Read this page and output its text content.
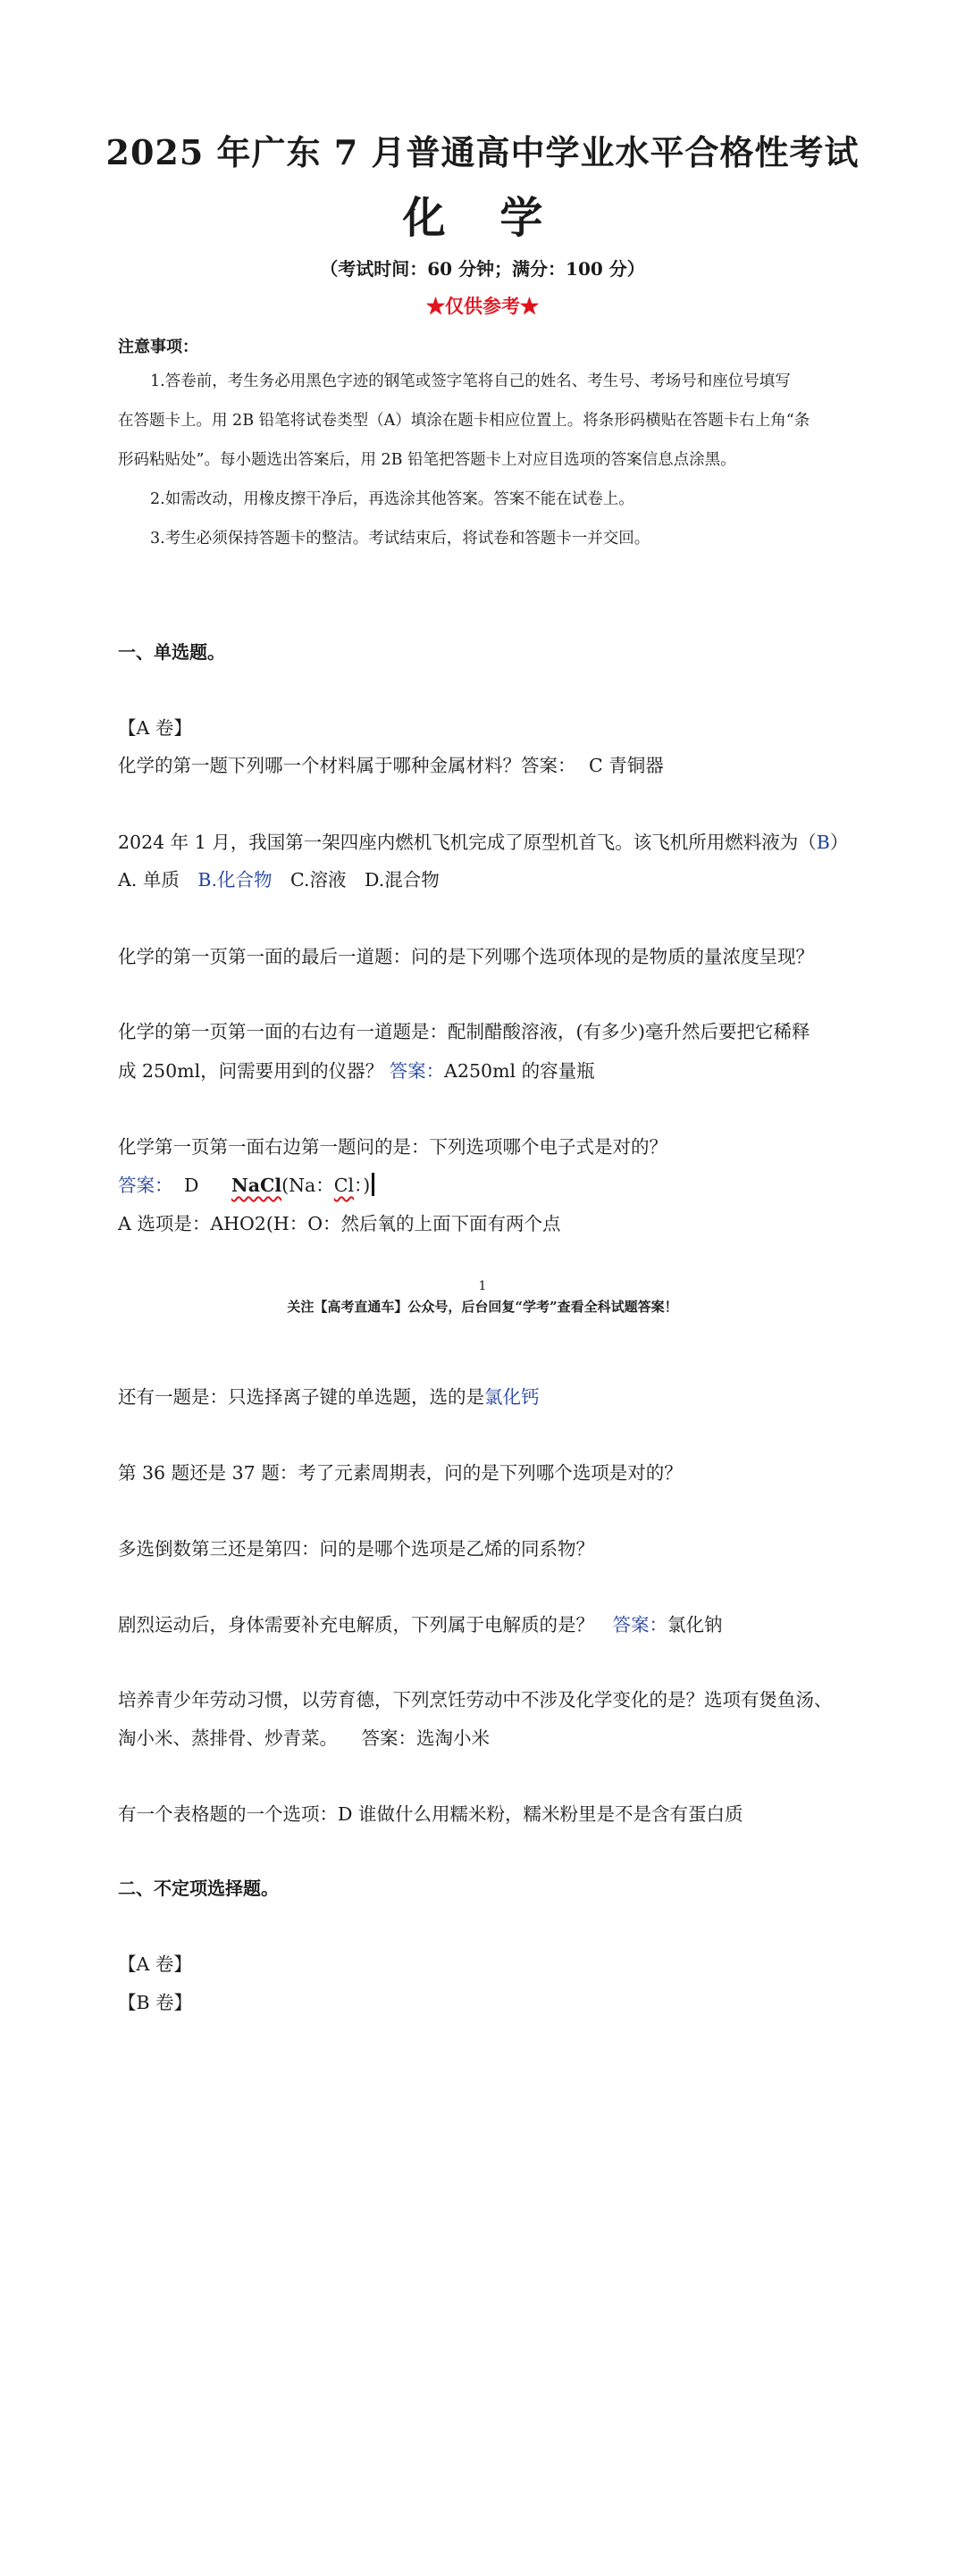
2025 年广东 7 月普通高中学业水平合格性考试
化 学
（考试时间：60 分钟；满分：100 分）
★仅供参考★
注意事项：
1.答卷前，考生务必用黑色字迹的钢笔或签字笔将自己的姓名、考生号、考场号和座位号填写
在答题卡上。用 2B 铅笔将试卷类型（A）填涂在题卡相应位置上。将条形码横贴在答题卡右上角“条
形码粘贴处”。每小题选出答案后，用 2B 铅笔把答题卡上对应目选项的答案信息点涂黑。
2.如需改动，用橡皮擦干净后，再选涂其他答案。答案不能在试卷上。
3.考生必须保持答题卡的整洁。考试结束后，将试卷和答题卡一并交回。
一、单选题。
【A 卷】
化学的第一题下列哪一个材料属于哪种金属材料？答案： C 青铜器
2024 年 1 月，我国第一架四座内燃机飞机完成了原型机首飞。该飞机所用燃料液为（B）
A. 单质 B.化合物 C.溶液 D.混合物
化学的第一页第一面的最后一道题：问的是下列哪个选项体现的是物质的量浓度呈现？
化学的第一页第一面的右边有一道题是：配制醋酸溶液，(有多少)毫升然后要把它稀释
成 250ml，问需要用到的仪器？ 答案：A250ml 的容量瓶
化学第一页第一面右边第一题问的是：下列选项哪个电子式是对的？
答案： D NaCl(Na：Cl：)
A 选项是：AHO2(H：O：然后氧的上面下面有两个点
1
关注【高考直通车】公众号，后台回复“学考”查看全科试题答案！
还有一题是：只选择离子键的单选题，选的是氯化钙
第 36 题还是 37 题：考了元素周期表，问的是下列哪个选项是对的？
多选倒数第三还是第四：问的是哪个选项是乙烯的同系物？
剧烈运动后，身体需要补充电解质，下列属于电解质的是？ 答案：氯化钠
培养青少年劳动习惯，以劳育德，下列烹饪劳动中不涉及化学变化的是？选项有煲鱼汤、
淘小米、蒸排骨、炒青菜。 答案：选淘小米
有一个表格题的一个选项：D 谁做什么用糯米粉，糯米粉里是不是含有蛋白质
二、不定项选择题。
【A 卷】
【B 卷】
